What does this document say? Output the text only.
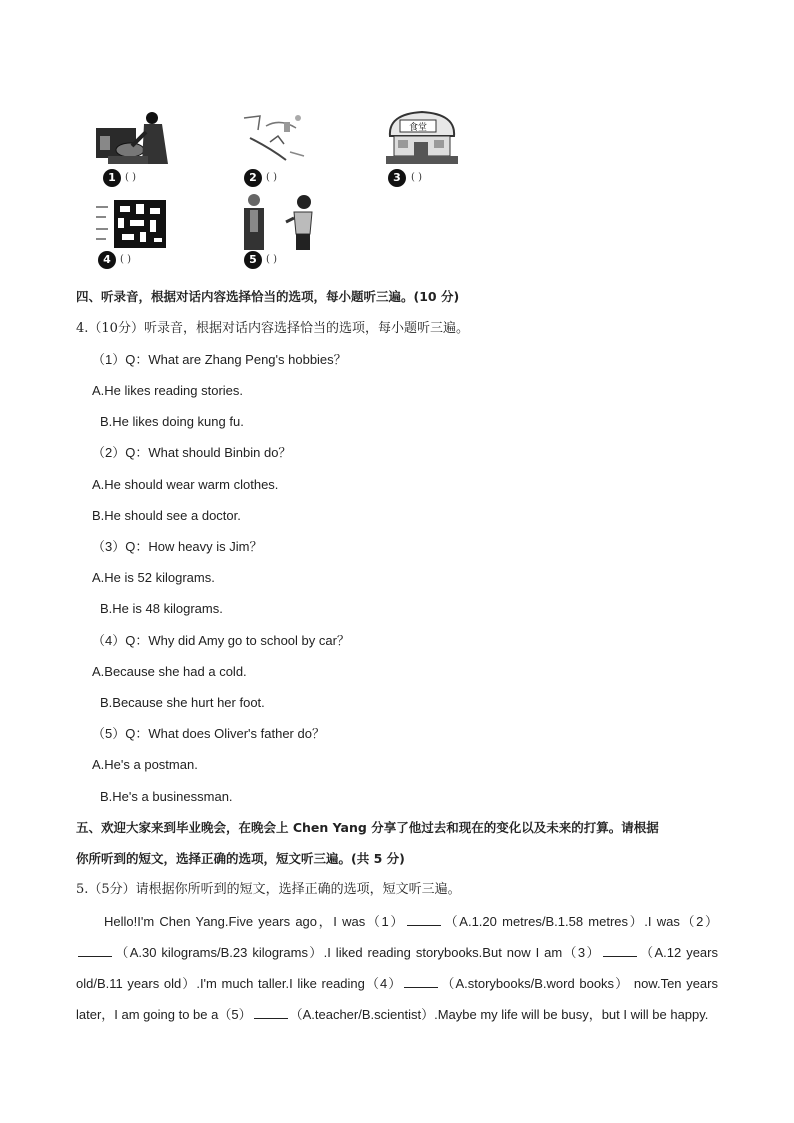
1 ( )	2 ( )
食堂
3	( )
4 ( )	5 ( )
四、听录音，根据对话内容选择恰当的选项，每小题听三遍。(10 分)
4.（10分）听录音，根据对话内容选择恰当的选项，每小题听三遍。
（1）Q：What are Zhang Peng's hobbies？
A.He likes reading stories.
B.He likes doing kung fu.
（2）Q：What should Binbin do？
A.He should wear warm clothes.
B.He should see a doctor.
（3）Q：How heavy is Jim？
A.He is 52 kilograms.
B.He is 48 kilograms.
（4）Q：Why did Amy go to school by car？
A.Because she had a cold.
B.Because she hurt her foot.
（5）Q：What does Oliver's father do？
A.He's a postman.
B.He's a businessman.
五、欢迎大家来到毕业晚会，在晚会上 Chen Yang 分享了他过去和现在的变化以及未来的打算。请根据
你所听到的短文，选择正确的选项，短文听三遍。(共 5 分)
5.（5分）请根据你所听到的短文，选择正确的选项，短文听三遍。
Hello!I'm Chen Yang.Five years ago，I was（1）	（A.1.20 metres/B.1.58 metres）.I was（2）（A.30 kilograms/B.23 kilograms）.I liked reading storybooks.But now I am（3）	（A.12 years old/B.11 years old）.I'm much taller.I like reading（4）	（A.storybooks/B.word books） now.Ten years later，I am going to be a（5）	（A.teacher/B.scientist）.Maybe my life will be busy，but I will be happy.
